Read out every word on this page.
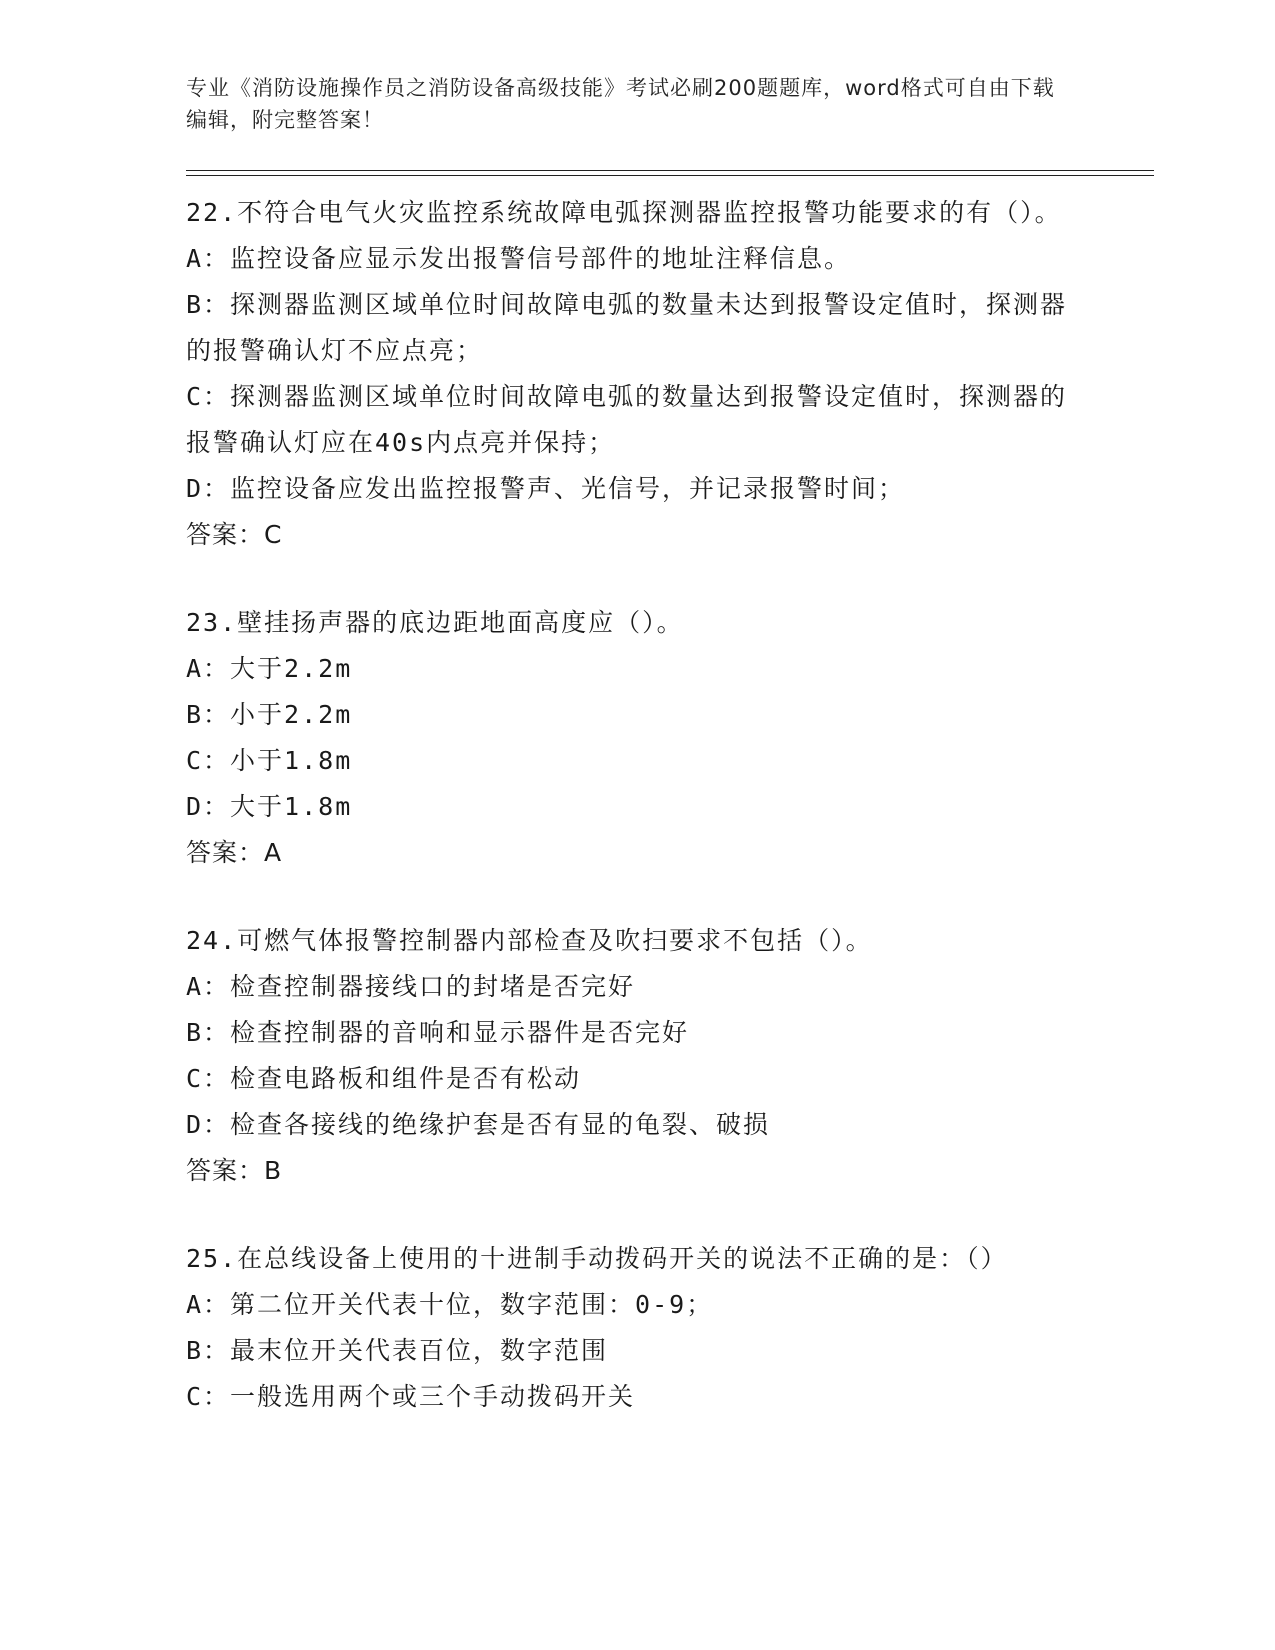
专业《消防设施操作员之消防设备高级技能》考试必刷200题题库，word格式可自由下载编辑，附完整答案！
22.不符合电气火灾监控系统故障电弧探测器监控报警功能要求的有（）。
A：监控设备应显示发出报警信号部件的地址注释信息。
B：探测器监测区域单位时间故障电弧的数量未达到报警设定值时，探测器的报警确认灯不应点亮；
C：探测器监测区域单位时间故障电弧的数量达到报警设定值时，探测器的报警确认灯应在40s内点亮并保持；
D：监控设备应发出监控报警声、光信号，并记录报警时间；
答案：C
23.壁挂扬声器的底边距地面高度应（）。
A：大于2.2m
B：小于2.2m
C：小于1.8m
D：大于1.8m
答案：A
24.可燃气体报警控制器内部检查及吹扫要求不包括（）。
A：检查控制器接线口的封堵是否完好
B：检查控制器的音响和显示器件是否完好
C：检查电路板和组件是否有松动
D：检查各接线的绝缘护套是否有显的龟裂、破损
答案：B
25.在总线设备上使用的十进制手动拨码开关的说法不正确的是：（）
A：第二位开关代表十位，数字范围：0-9；
B：最末位开关代表百位，数字范围
C：一般选用两个或三个手动拨码开关
